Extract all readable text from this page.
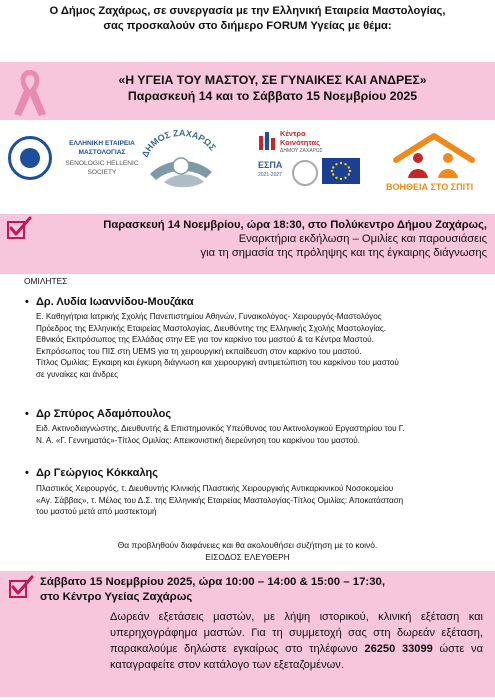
Ο Δήμος Ζαχάρως, σε συνεργασία με την Ελληνική Εταιρεία Μαστολογίας,
σας προσκαλούν στο διήμερο FORUM Υγείας με θέμα:
«Η ΥΓΕΙΑ ΤΟΥ ΜΑΣΤΟΥ, ΣΕ ΓΥΝΑΙΚΕΣ ΚΑΙ ΑΝΔΡΕΣ»
Παρασκευή 14 και το Σάββατο 15 Νοεμβρίου 2025
ΕΛΛΗΝΙΚΗ ΕΤΑΙΡΕΙΑ
ΜΑΣΤΟΛΟΓΙΑΣ
SENOLOGIC HELLENIC
SOCIETY
ΔΗΜΟΣ ΖΑΧΑΡΩΣ
Κέντρο
Κοινότητας
ΔΗΜΟΥ ΖΑΧΑΡΩΣ
ΕΣΠΑ
2021-2027
ΒΟΗΘΕΙΑ ΣΤΟ ΣΠΙΤΙ
Παρασκευή 14 Νοεμβρίου, ώρα 18:30, στο Πολύκεντρο Δήμου Ζαχάρως,
Εναρκτήρια εκδήλωση – Ομιλίες και παρουσιάσεις
για τη σημασία της πρόληψης και της έγκαιρης διάγνωσης
ΟΜΙΛΗΤΕΣ
• Δρ. Λυδία Ιωαννίδου-Μουζάκα
Ε. Καθηγήτρια Ιατρικής Σχολής Πανεπιστημίου Αθηνών, Γυναικολόγος- Χειρουργός-Μαστολόγος
Πρόεδρος της Ελληνικής Εταιρείας Μαστολογίας, Διευθύντης της Ελληνικής Σχολής Μαστολογίας.
Εθνικός Εκπρόσωπος της Ελλάδας στην ΕΕ για τον καρκίνο του μαστού & τα Κέντρα Μαστού.
Εκπρόσωπος του ΠΙΣ στη UEMS για τη χειρουργική εκπαίδευση στον καρκίνο του μαστού.
Τίτλος Ομιλίας: Εγκαιρη και έγκυρη διάγνωση και χειρουργική αντιμετώπιση του καρκίνου του μαστού
σε γυναίκες και άνδρες
• Δρ Σπύρος Αδαμόπουλος
Ειδ. Ακτινοδιαγνώστης, Διευθυντής & Επιστημονικός Υπεύθυνος του Ακτινολογικού Εργαστηρίου του Γ.
Ν. Α. «Γ. Γεννηματάς»-Τίτλος Ομιλίας: Απεικονιστική διερεύνηση του καρκίνου του μαστού.
• Δρ Γεώργιος Κόκκαλης
Πλαστικός Χειρουργός, τ. Διευθυντής Κλινικής Πλαστικής Χειρουργικής Αντικαρκινικού Νοσοκομείου
«Αγ. Σάββας», τ. Μέλος του Δ.Σ. της Ελληνικής Εταιρείας Μαστολογίας-Τίτλος Ομιλίας: Αποκατάσταση
του μαστού μετά από μαστεκτομή
Θα προβληθούν διαφάνειες και θα ακολουθήσει συζήτηση με το κοινό.
ΕΙΣΟΔΟΣ ΕΛΕΥΘΕΡΗ
Σάββατο 15 Νοεμβρίου 2025, ώρα 10:00 – 14:00 & 15:00 – 17:30,
στο Κέντρο Υγείας Ζαχάρως
Δωρεάν εξετάσεις μαστών, με λήψη ιστορικού, κλινική εξέταση και υπερηχογράφημα μαστών. Για τη συμμετοχή σας στη δωρεάν εξέταση, παρακαλούμε δηλώστε εγκαίρως στο τηλέφωνο 26250 33099 ώστε να καταγραφείτε στον κατάλογο των εξεταζομένων.
